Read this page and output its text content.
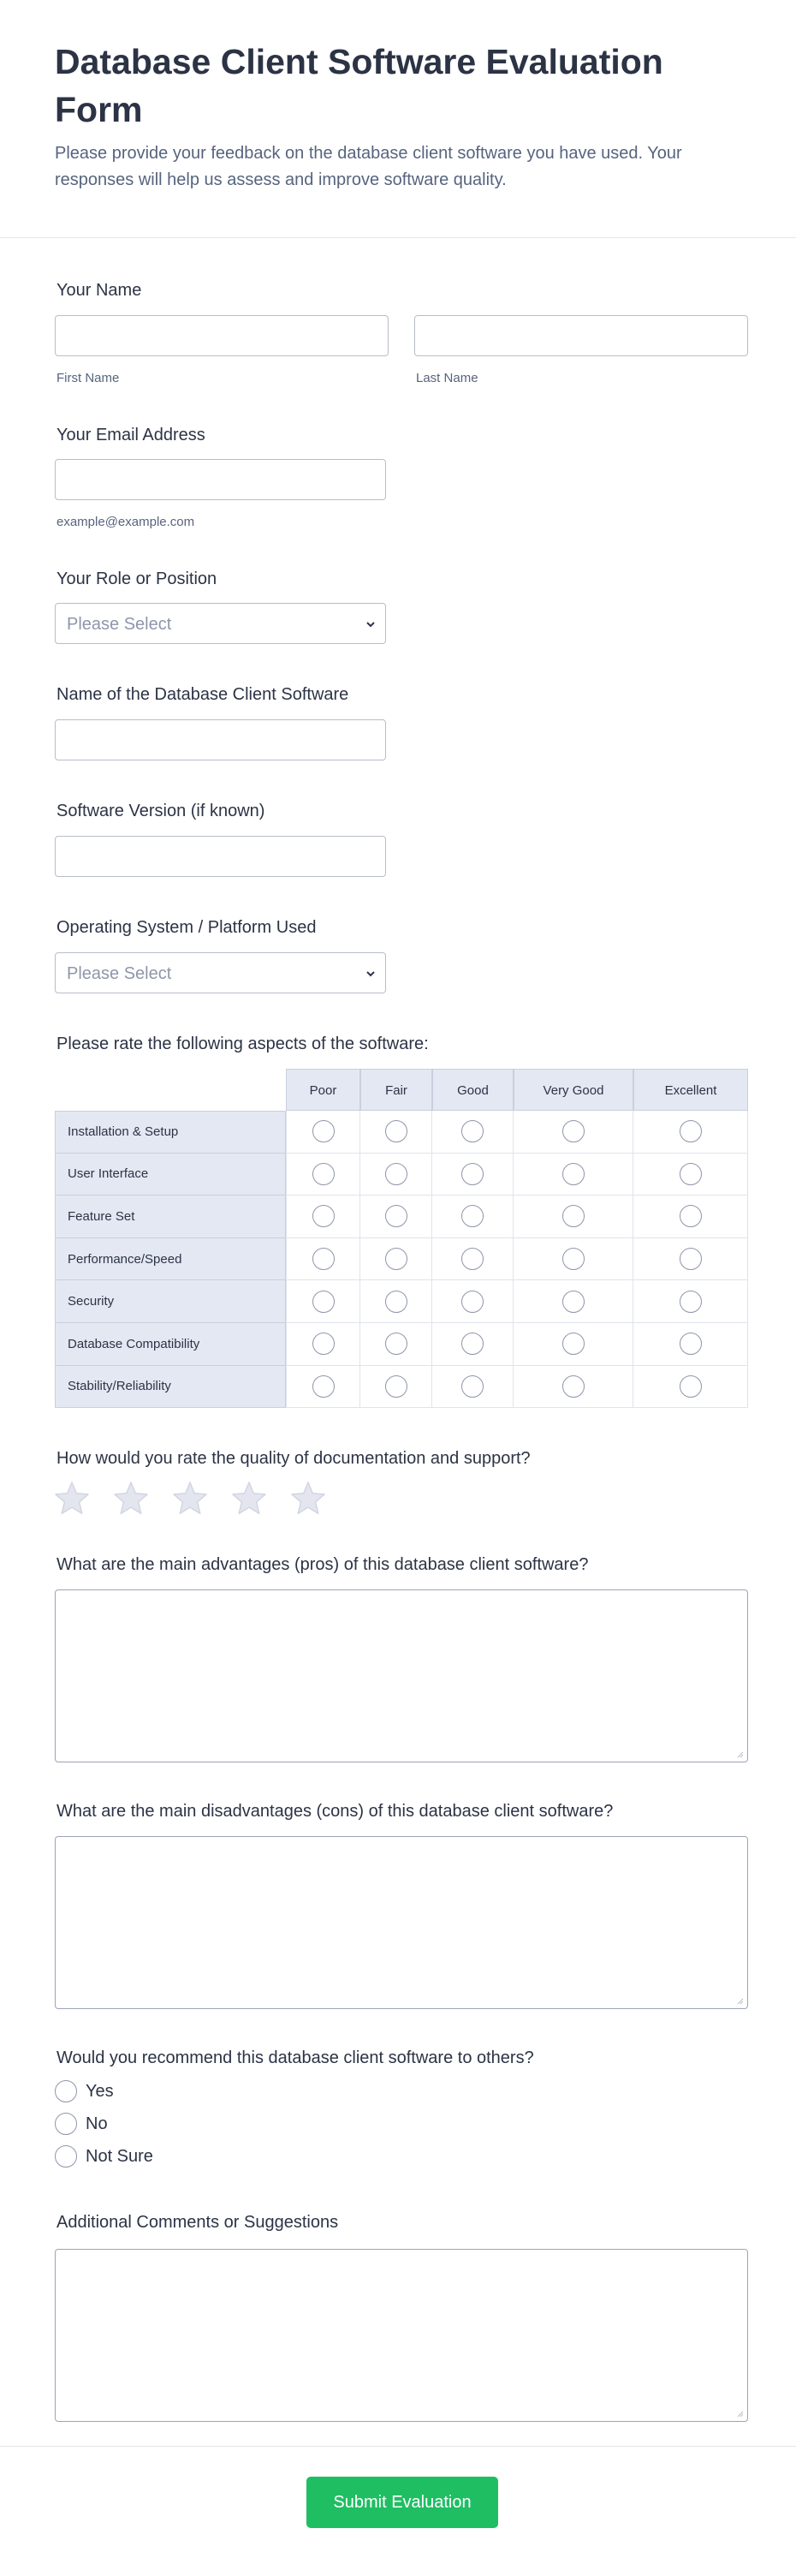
Database Client Software Evaluation Form

Please provide your feedback on the database client software you have used. Your responses will help us assess and improve software quality.

Your Name
First Name	Last Name
Your Email Address
example@example.com
Your Role or Position
Please Select
Name of the Database Client Software
Software Version (if known)
Operating System / Platform Used
Please Select
Please rate the following aspects of the software:
Poor	Fair	Good	Very Good	Excellent
Installation & Setup
User Interface
Feature Set
Performance/Speed
Security
Database Compatibility
Stability/Reliability
How would you rate the quality of documentation and support?
What are the main advantages (pros) of this database client software?
What are the main disadvantages (cons) of this database client software?
Would you recommend this database client software to others?
Yes
No
Not Sure
Additional Comments or Suggestions
Submit Evaluation
